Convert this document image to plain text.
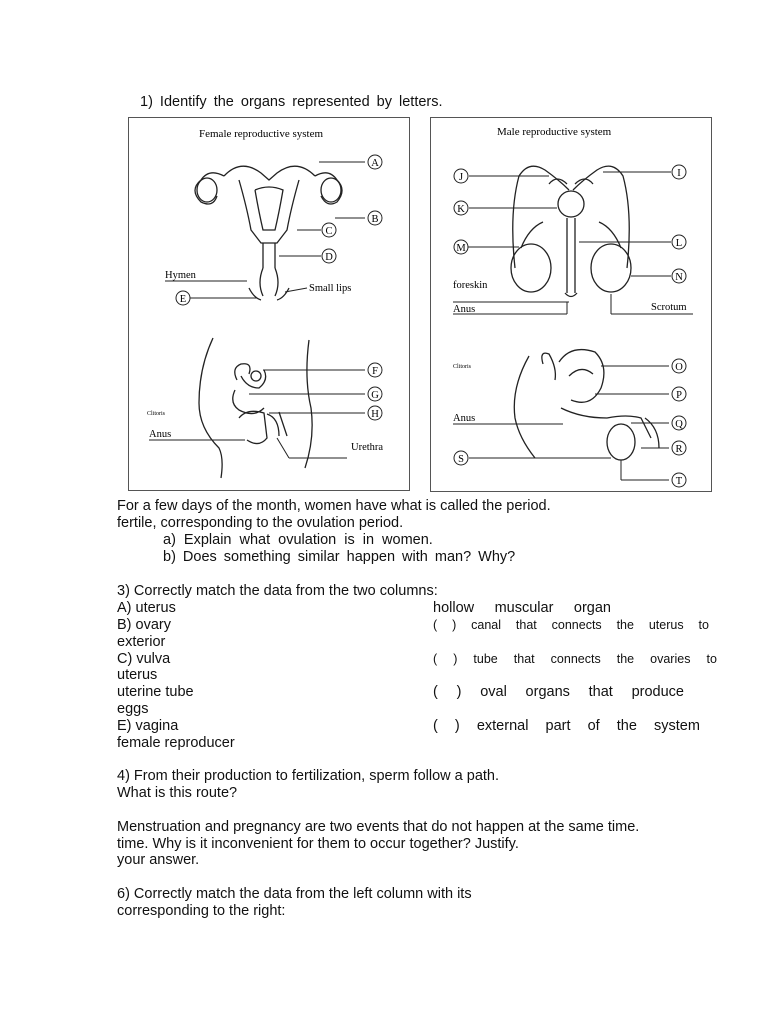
1) Identify the organs represented by letters.
Female reproductive system
A
B
C
D
E
Hymen
Small lips
F
G
H
Clitoris
Anus
Urethra
Male reproductive system
I
J
K
L
M
N
foreskin
Anus	Scrotum
O
P
Q
R
S
T
Clitoris
Anus
For a few days of the month, women have what is called the period.
fertile, corresponding to the ovulation period.
a) Explain what ovulation is in women.
b) Does something similar happen with man? Why?
3) Correctly match the data from the two columns:
A) uterus
B) ovary
exterior
C) vulva
uterus
uterine tube
eggs
E) vagina
female reproducer
hollow muscular organ
( ) canal that connects the uterus to
( ) tube that connects the ovaries to
( ) oval organs that produce
( ) external part of the system
4) From their production to fertilization, sperm follow a path.
What is this route?
Menstruation and pregnancy are two events that do not happen at the same time.
time. Why is it inconvenient for them to occur together? Justify.
your answer.
6) Correctly match the data from the left column with its
corresponding to the right:
